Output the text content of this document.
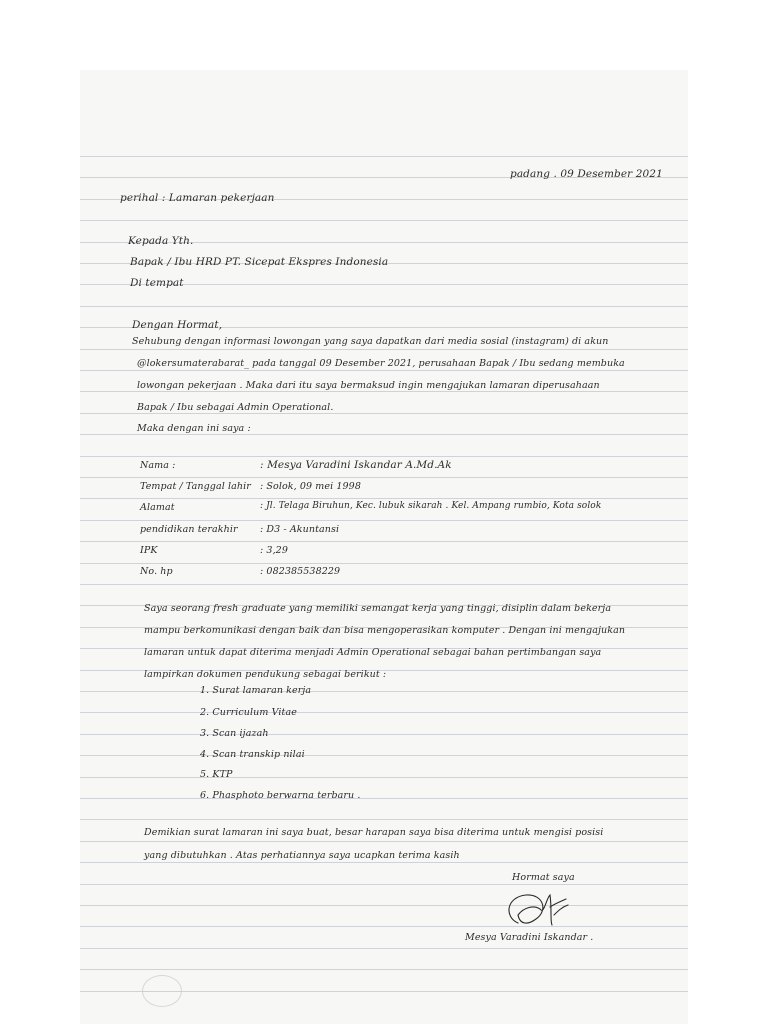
padang . 09 Desember 2021
perihal : Lamaran pekerjaan
Kepada Yth.
Bapak / Ibu HRD PT. Sicepat Ekspres Indonesia
Di tempat
Dengan Hormat,
Sehubung dengan informasi lowongan yang saya dapatkan dari media sosial (instagram) di akun
@lokersumaterabarat_ pada tanggal 09 Desember 2021, perusahaan Bapak / Ibu sedang membuka
lowongan pekerjaan . Maka dari itu saya bermaksud ingin mengajukan lamaran diperusahaan
Bapak / Ibu sebagai Admin Operational.
Maka dengan ini saya :
Nama :	: Mesya Varadini Iskandar A.Md.Ak
Tempat / Tanggal lahir : Solok, 09 mei 1998
Alamat	: Jl. Telaga Biruhun, Kec. lubuk sikarah . Kel. Ampang rumbio, Kota solok
pendidikan terakhir : D3 - Akuntansi
IPK	: 3,29
No. hp	: 082385538229
Saya seorang fresh graduate yang memiliki semangat kerja yang tinggi, disiplin dalam bekerja
mampu berkomunikasi dengan baik dan bisa mengoperasikan komputer . Dengan ini mengajukan
lamaran untuk dapat diterima menjadi Admin Operational sebagai bahan pertimbangan saya
lampirkan dokumen pendukung sebagai berikut :
1. Surat lamaran kerja
2. Curriculum Vitae
3. Scan ijazah
4. Scan transkip nilai
5. KTP
6. Phasphoto berwarna terbaru .
Demikian surat lamaran ini saya buat, besar harapan saya bisa diterima untuk mengisi posisi
yang dibutuhkan . Atas perhatiannya saya ucapkan terima kasih
Hormat saya
Mesya Varadini Iskandar .
